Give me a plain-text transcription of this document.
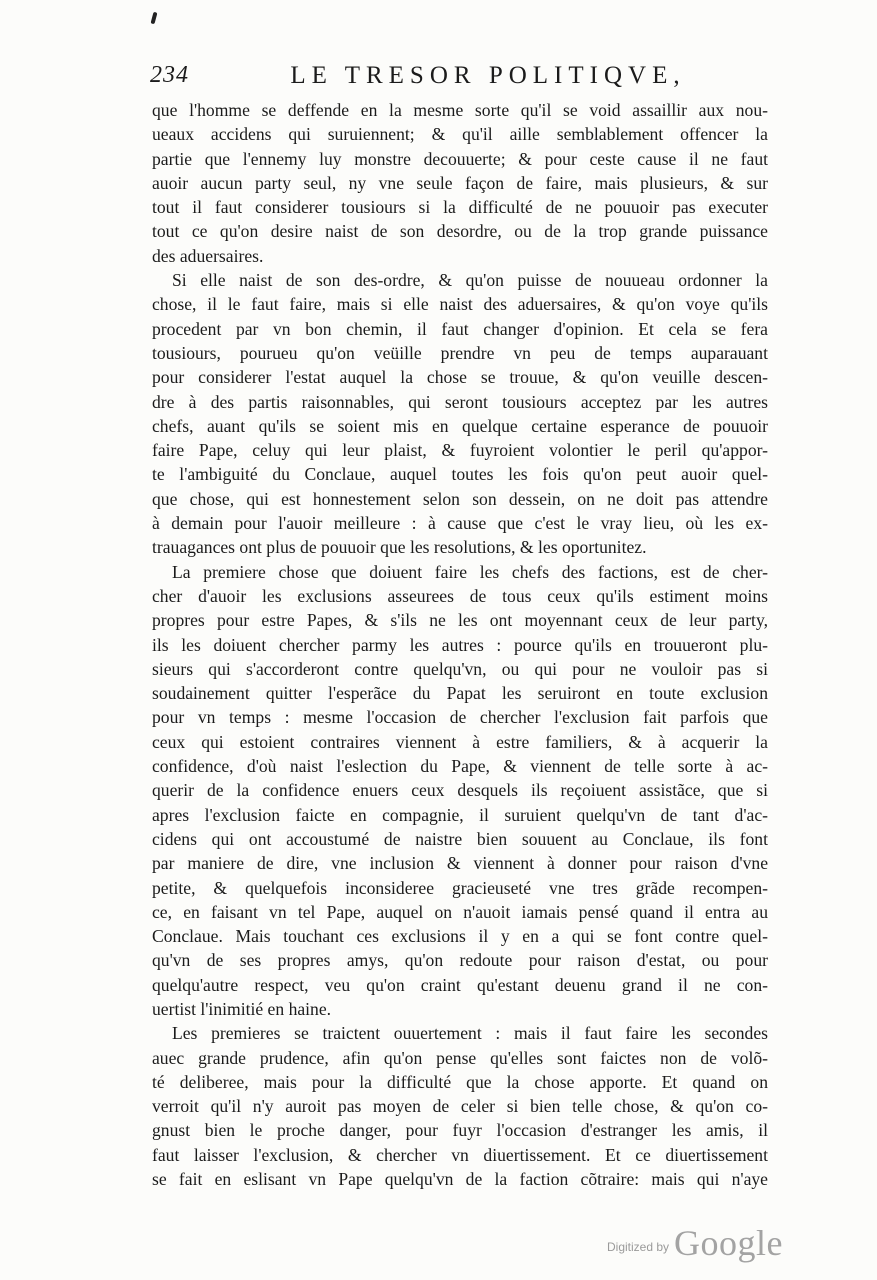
234	LE TRESOR POLITIQVE,
que l'homme se deffende en la mesme sorte qu'il se void assaillir aux nou-
ueaux accidens qui suruiennent; & qu'il aille semblablement offencer la
partie que l'ennemy luy monstre decouuerte; & pour ceste cause il ne faut
auoir aucun party seul, ny vne seule façon de faire, mais plusieurs, & sur
tout il faut considerer tousiours si la difficulté de ne pouuoir pas executer
tout ce qu'on desire naist de son desordre, ou de la trop grande puissance
des aduersaires.
Si elle naist de son des-ordre, & qu'on puisse de nouueau ordonner la
chose, il le faut faire, mais si elle naist des aduersaires, & qu'on voye qu'ils
procedent par vn bon chemin, il faut changer d'opinion. Et cela se fera
tousiours, pourueu qu'on veüille prendre vn peu de temps auparauant
pour considerer l'estat auquel la chose se trouue, & qu'on veuille descen-
dre à des partis raisonnables, qui seront tousiours acceptez par les autres
chefs, auant qu'ils se soient mis en quelque certaine esperance de pouuoir
faire Pape, celuy qui leur plaist, & fuyroient volontier le peril qu'appor-
te l'ambiguité du Conclaue, auquel toutes les fois qu'on peut auoir quel-
que chose, qui est honnestement selon son dessein, on ne doit pas attendre
à demain pour l'auoir meilleure : à cause que c'est le vray lieu, où les ex-
trauagances ont plus de pouuoir que les resolutions, & les oportunitez.
La premiere chose que doiuent faire les chefs des factions, est de cher-
cher d'auoir les exclusions asseurees de tous ceux qu'ils estiment moins
propres pour estre Papes, & s'ils ne les ont moyennant ceux de leur party,
ils les doiuent chercher parmy les autres : pource qu'ils en trouueront plu-
sieurs qui s'accorderont contre quelqu'vn, ou qui pour ne vouloir pas si
soudainement quitter l'esperãce du Papat les seruiront en toute exclusion
pour vn temps : mesme l'occasion de chercher l'exclusion fait parfois que
ceux qui estoient contraires viennent à estre familiers, & à acquerir la
confidence, d'où naist l'eslection du Pape, & viennent de telle sorte à ac-
querir de la confidence enuers ceux desquels ils reçoiuent assistãce, que si
apres l'exclusion faicte en compagnie, il suruient quelqu'vn de tant d'ac-
cidens qui ont accoustumé de naistre bien souuent au Conclaue, ils font
par maniere de dire, vne inclusion & viennent à donner pour raison d'vne
petite, & quelquefois inconsideree gracieuseté vne tres grãde recompen-
ce, en faisant vn tel Pape, auquel on n'auoit iamais pensé quand il entra au
Conclaue. Mais touchant ces exclusions il y en a qui se font contre quel-
qu'vn de ses propres amys, qu'on redoute pour raison d'estat, ou pour
quelqu'autre respect, veu qu'on craint qu'estant deuenu grand il ne con-
uertist l'inimitié en haine.
Les premieres se traictent ouuertement : mais il faut faire les secondes
auec grande prudence, afin qu'on pense qu'elles sont faictes non de volõ-
té deliberee, mais pour la difficulté que la chose apporte. Et quand on
verroit qu'il n'y auroit pas moyen de celer si bien telle chose, & qu'on co-
gnust bien le proche danger, pour fuyr l'occasion d'estranger les amis, il
faut laisser l'exclusion, & chercher vn diuertissement. Et ce diuertissement
se fait en eslisant vn Pape quelqu'vn de la faction cõtraire: mais qui n'aye
Digitized by Google
